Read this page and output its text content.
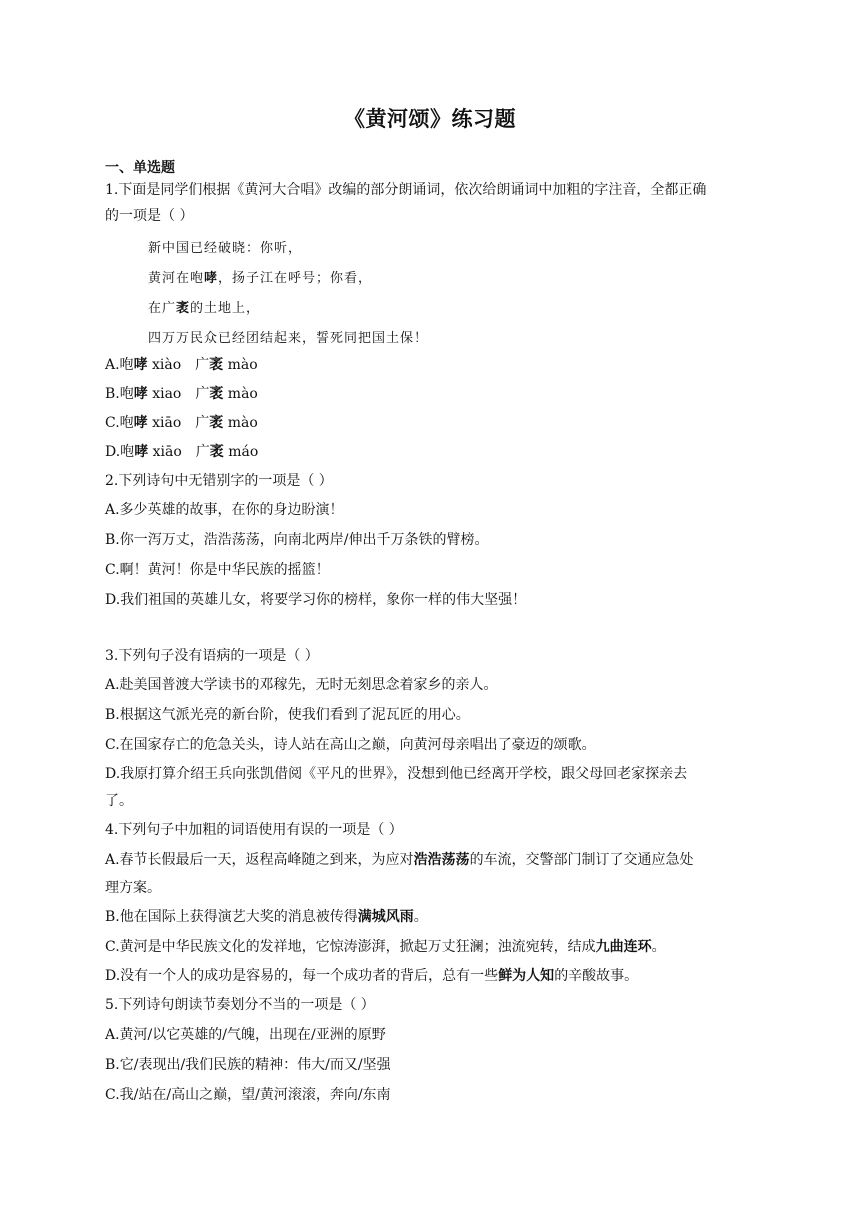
《黄河颂》练习题
一、单选题
1.下面是同学们根据《黄河大合唱》改编的部分朗诵词，依次给朗诵词中加粗的字注音，全都正确
的一项是（ ）
新中国已经破晓：你听，
黄河在咆哮，扬子江在呼号；你看，
在广袤的土地上，
四万万民众已经团结起来，誓死同把国土保！
A.咆哮 xiào 广袤 mào
B.咆哮 xiao 广袤 mào
C.咆哮 xiāo 广袤 mào
D.咆哮 xiāo 广袤 máo
2.下列诗句中无错别字的一项是（ ）
A.多少英雄的故事，在你的身边盼演！
B.你一泻万丈，浩浩荡荡，向南北两岸/伸出千万条铁的臂榜。
C.啊！黄河！你是中华民族的摇篮！
D.我们祖国的英雄儿女，将要学习你的榜样，象你一样的伟大坚强！
3.下列句子没有语病的一项是（ ）
A.赴美国普渡大学读书的邓稼先，无时无刻思念着家乡的亲人。
B.根据这气派光亮的新台阶，使我们看到了泥瓦匠的用心。
C.在国家存亡的危急关头，诗人站在高山之巅，向黄河母亲唱出了豪迈的颂歌。
D.我原打算介绍王兵向张凯借阅《平凡的世界》，没想到他已经离开学校，跟父母回老家探亲去
了。
4.下列句子中加粗的词语使用有误的一项是（ ）
A.春节长假最后一天，返程高峰随之到来，为应对浩浩荡荡的车流，交警部门制订了交通应急处
理方案。
B.他在国际上获得演艺大奖的消息被传得满城风雨。
C.黄河是中华民族文化的发祥地，它惊涛澎湃，掀起万丈狂澜；浊流宛转，结成九曲连环。
D.没有一个人的成功是容易的，每一个成功者的背后，总有一些鲜为人知的辛酸故事。
5.下列诗句朗读节奏划分不当的一项是（ ）
A.黄河/以它英雄的/气魄，出现在/亚洲的原野
B.它/表现出/我们民族的精神：伟大/而又/坚强
C.我/站在/高山之巅，望/黄河滚滚，奔向/东南
